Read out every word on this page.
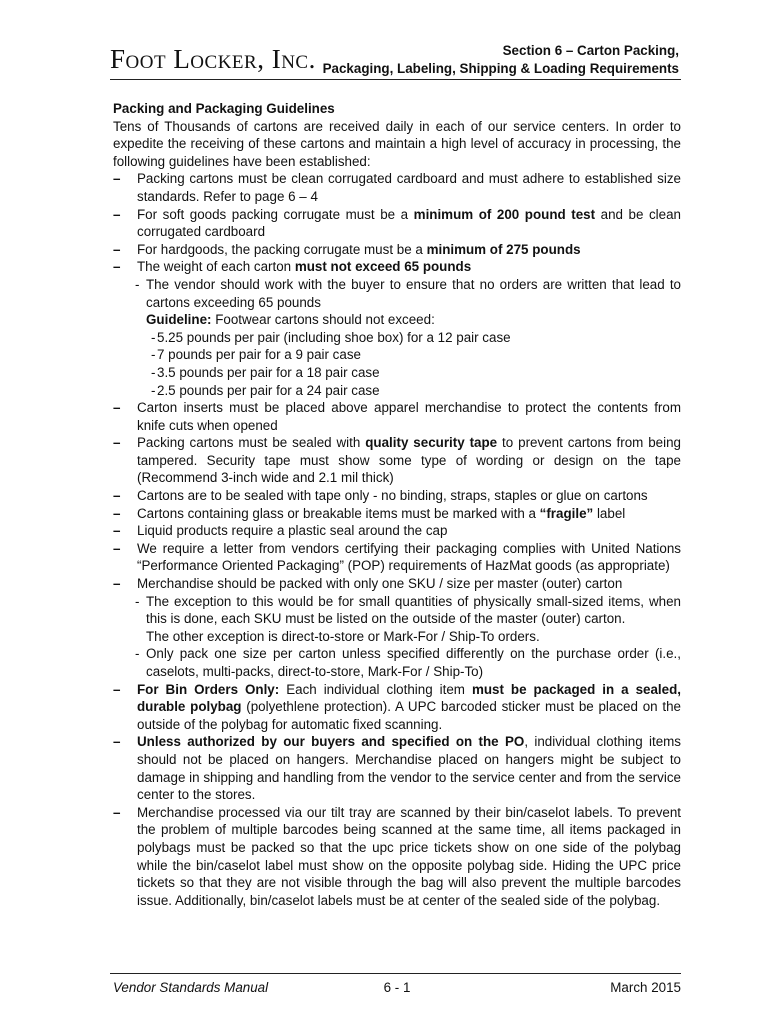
Foot Locker, Inc.	Section 6 – Carton Packing,
Packaging, Labeling, Shipping & Loading Requirements

Packing and Packaging Guidelines

Tens of Thousands of cartons are received daily in each of our service centers. In order to expedite the receiving of these cartons and maintain a high level of accuracy in processing, the following guidelines have been established:

– Packing cartons must be clean corrugated cardboard and must adhere to established size standards. Refer to page 6 – 4
– For soft goods packing corrugate must be a minimum of 200 pound test and be clean corrugated cardboard
– For hardgoods, the packing corrugate must be a minimum of 275 pounds
– The weight of each carton must not exceed 65 pounds
- The vendor should work with the buyer to ensure that no orders are written that lead to cartons exceeding 65 pounds
Guideline: Footwear cartons should not exceed:
- 5.25 pounds per pair (including shoe box) for a 12 pair case
- 7 pounds per pair for a 9 pair case
- 3.5 pounds per pair for a 18 pair case
- 2.5 pounds per pair for a 24 pair case
– Carton inserts must be placed above apparel merchandise to protect the contents from knife cuts when opened
– Packing cartons must be sealed with quality security tape to prevent cartons from being tampered. Security tape must show some type of wording or design on the tape (Recommend 3-inch wide and 2.1 mil thick)
– Cartons are to be sealed with tape only - no binding, straps, staples or glue on cartons
– Cartons containing glass or breakable items must be marked with a “fragile” label
– Liquid products require a plastic seal around the cap
– We require a letter from vendors certifying their packaging complies with United Nations “Performance Oriented Packaging” (POP) requirements of HazMat goods (as appropriate)
– Merchandise should be packed with only one SKU / size per master (outer) carton
- The exception to this would be for small quantities of physically small-sized items, when this is done, each SKU must be listed on the outside of the master (outer) carton.
The other exception is direct-to-store or Mark-For / Ship-To orders.
- Only pack one size per carton unless specified differently on the purchase order (i.e., caselots, multi-packs, direct-to-store, Mark-For / Ship-To)
– For Bin Orders Only: Each individual clothing item must be packaged in a sealed, durable polybag (polyethlene protection). A UPC barcoded sticker must be placed on the outside of the polybag for automatic fixed scanning.
– Unless authorized by our buyers and specified on the PO, individual clothing items should not be placed on hangers. Merchandise placed on hangers might be subject to damage in shipping and handling from the vendor to the service center and from the service center to the stores.
– Merchandise processed via our tilt tray are scanned by their bin/caselot labels. To prevent the problem of multiple barcodes being scanned at the same time, all items packaged in polybags must be packed so that the upc price tickets show on one side of the polybag while the bin/caselot label must show on the opposite polybag side. Hiding the UPC price tickets so that they are not visible through the bag will also prevent the multiple barcodes issue. Additionally, bin/caselot labels must be at center of the sealed side of the polybag.
Vendor Standards Manual	6 - 1	March 2015
